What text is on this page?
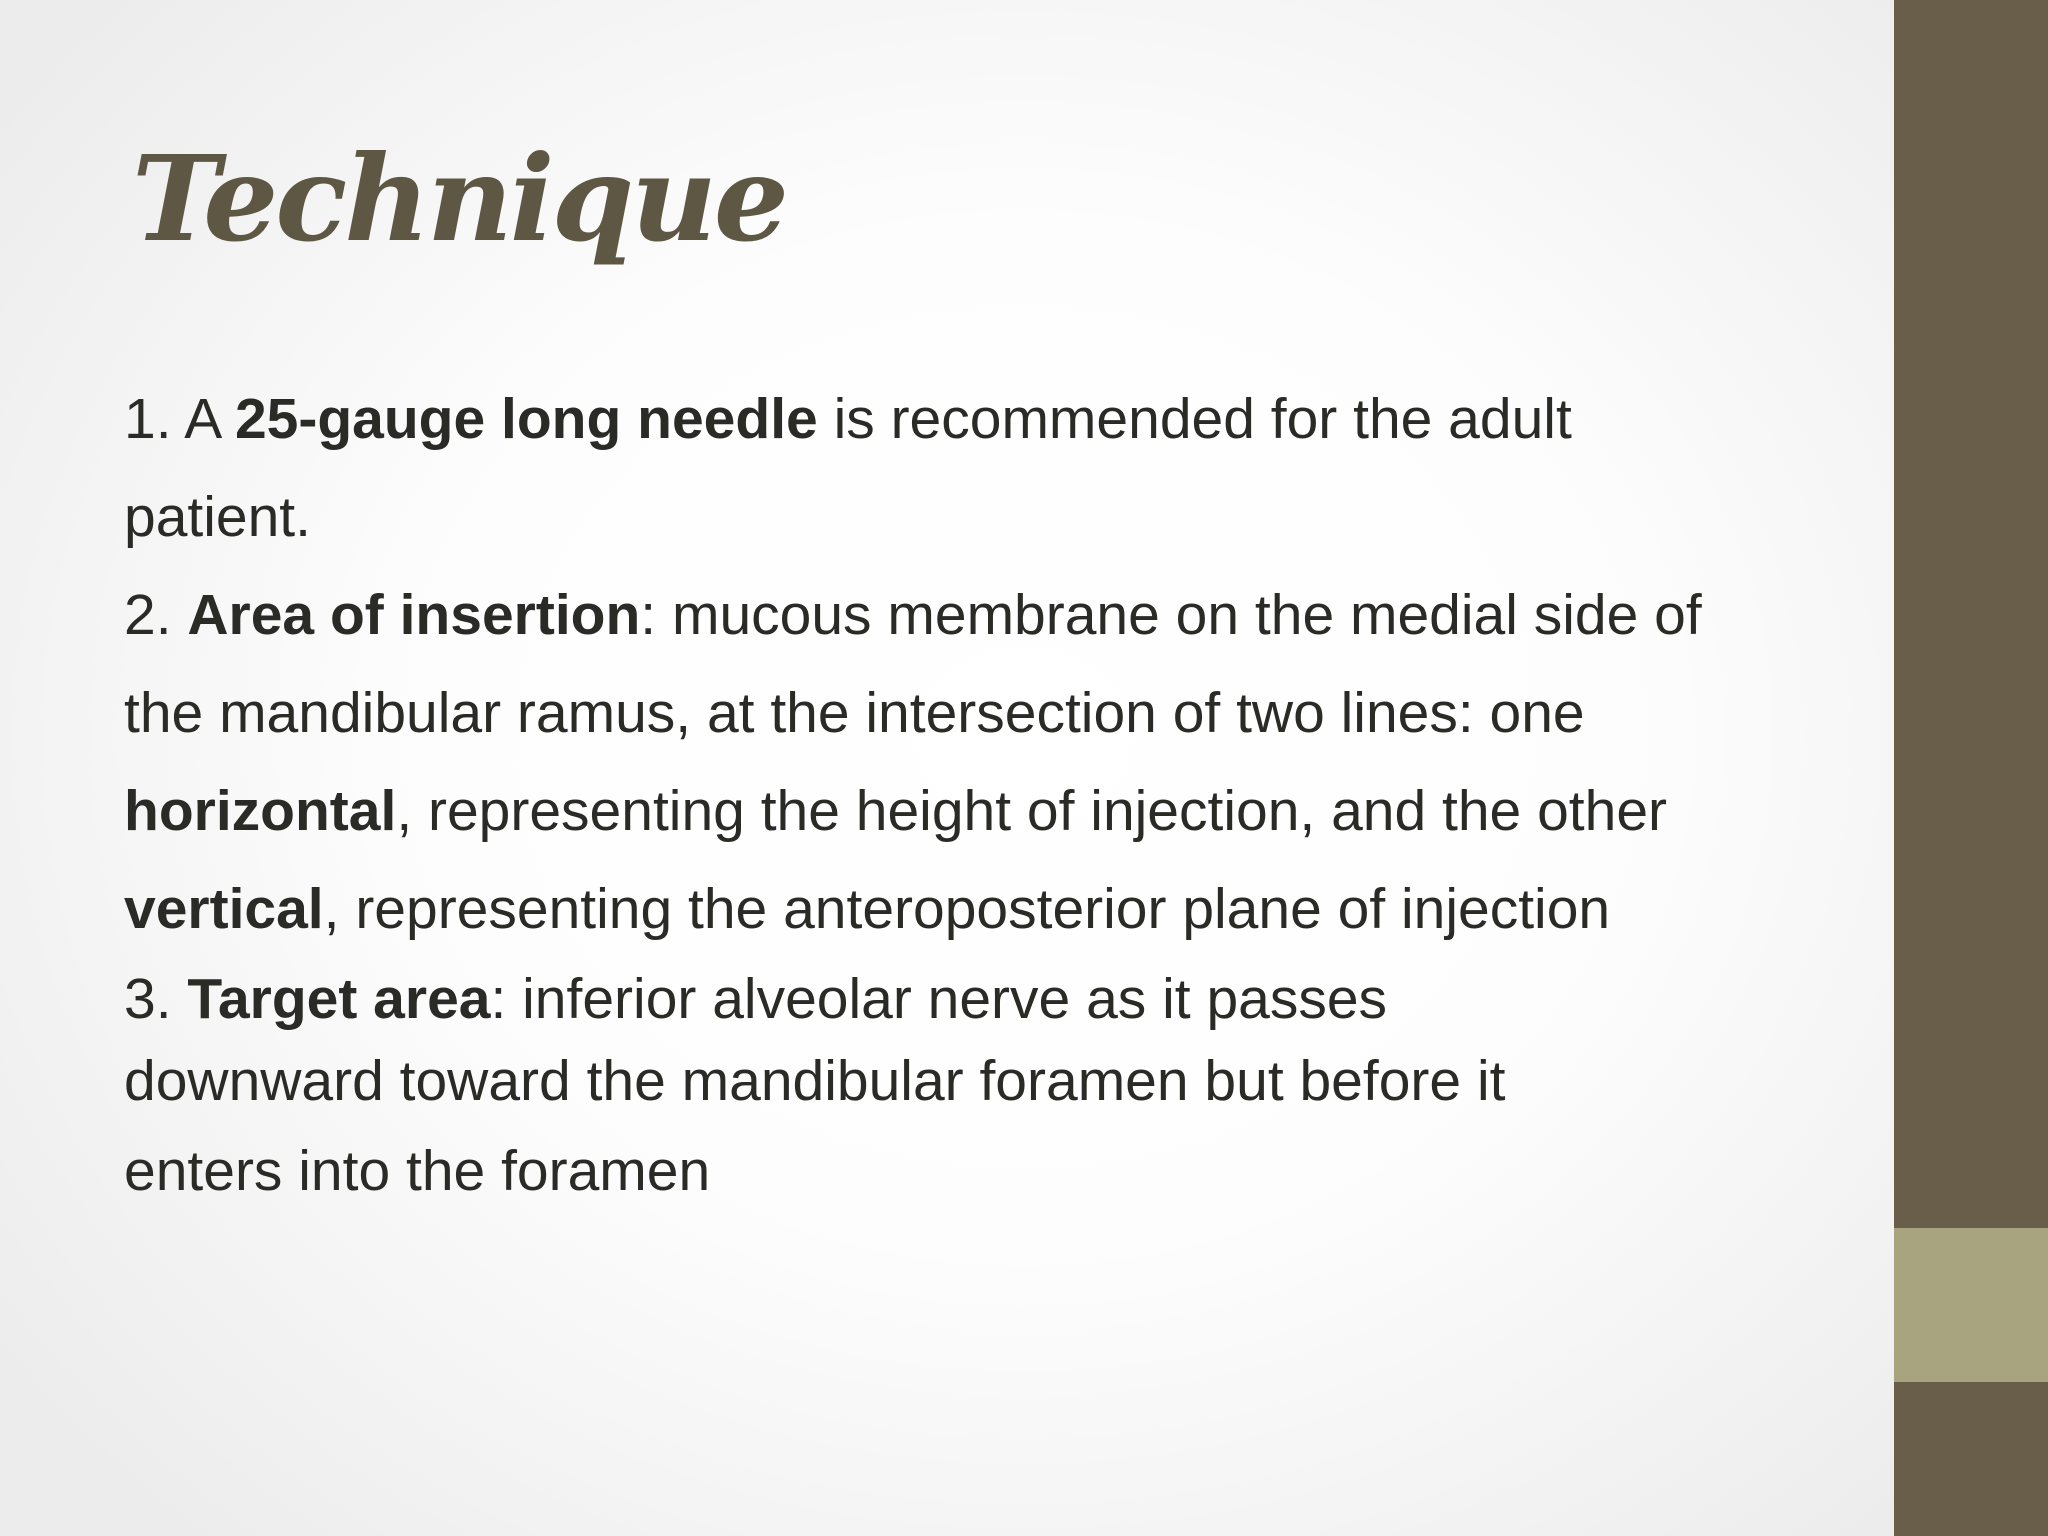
Technique

1. A 25-gauge long needle is recommended for the adult patient.

2. Area of insertion: mucous membrane on the medial side of the mandibular ramus, at the intersection of two lines: one horizontal, representing the height of injection, and the other vertical, representing the anteroposterior plane of injection

3. Target area: inferior alveolar nerve as it passes
downward toward the mandibular foramen but before it
enters into the foramen
